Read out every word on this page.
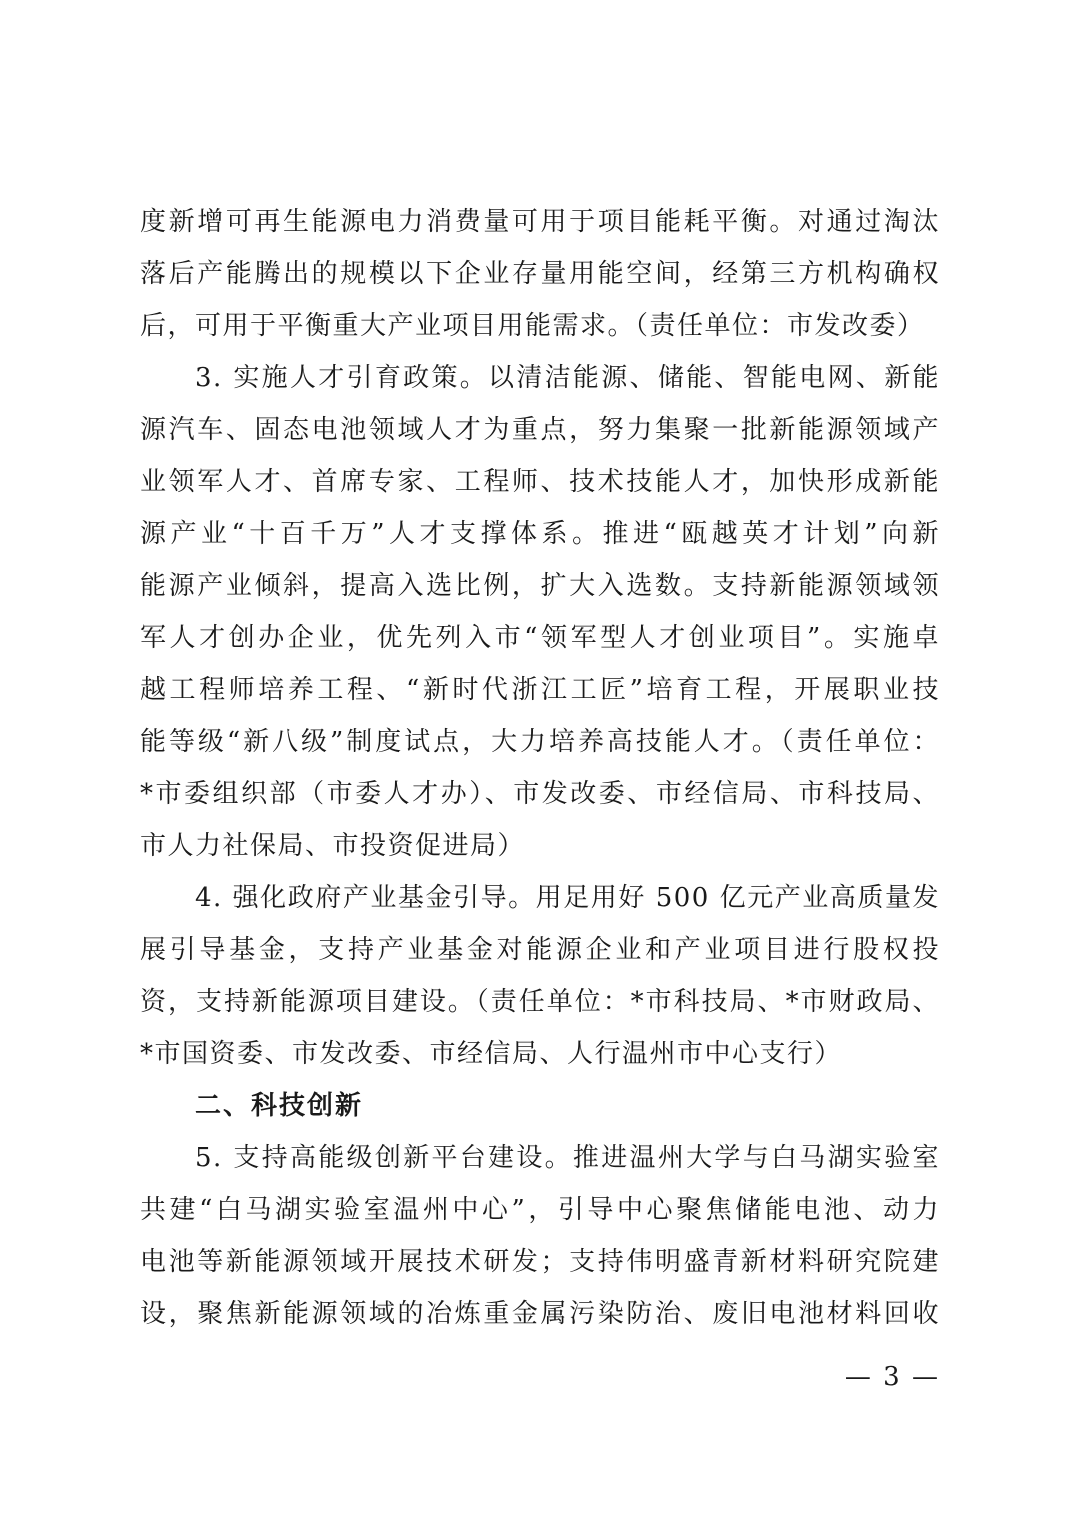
度新增可再生能源电力消费量可用于项目能耗平衡。对通过淘汰
落后产能腾出的规模以下企业存量用能空间，经第三方机构确权
后，可用于平衡重大产业项目用能需求。（责任单位：市发改委）
3. 实施人才引育政策。以清洁能源、储能、智能电网、新能
源汽车、固态电池领域人才为重点，努力集聚一批新能源领域产
业领军人才、首席专家、工程师、技术技能人才，加快形成新能
源产业“十百千万”人才支撑体系。推进“瓯越英才计划”向新
能源产业倾斜，提高入选比例，扩大入选数。支持新能源领域领
军人才创办企业，优先列入市“领军型人才创业项目”。实施卓
越工程师培养工程、“新时代浙江工匠”培育工程，开展职业技
能等级“新八级”制度试点，大力培养高技能人才。（责任单位：
*市委组织部（市委人才办）、市发改委、市经信局、市科技局、
市人力社保局、市投资促进局）
4. 强化政府产业基金引导。用足用好 500 亿元产业高质量发
展引导基金，支持产业基金对能源企业和产业项目进行股权投
资，支持新能源项目建设。（责任单位：*市科技局、*市财政局、
*市国资委、市发改委、市经信局、人行温州市中心支行）
二、科技创新
5. 支持高能级创新平台建设。推进温州大学与白马湖实验室
共建“白马湖实验室温州中心”，引导中心聚焦储能电池、动力
电池等新能源领域开展技术研发；支持伟明盛青新材料研究院建
设，聚焦新能源领域的冶炼重金属污染防治、废旧电池材料回收
— 3 —
